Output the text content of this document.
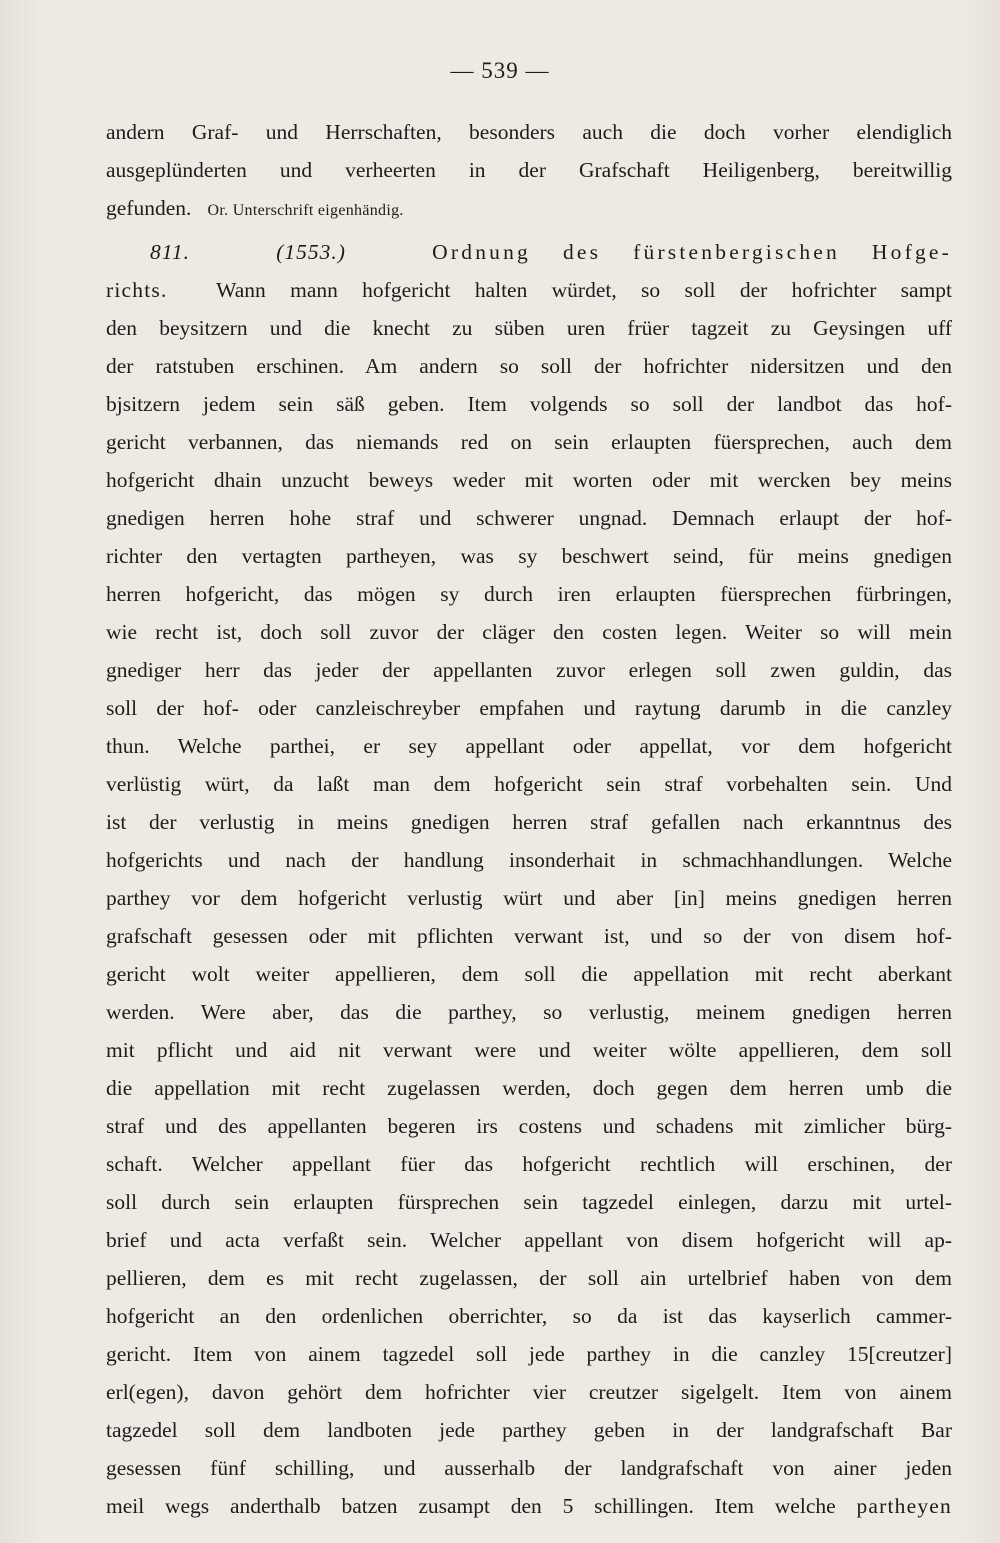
— 539 —
andern Graf- und Herrschaften, besonders auch die doch vorher elendiglich
ausgeplünderten und verheerten in der Grafschaft Heiligenberg, bereitwillig
gefunden. Or. Unterschrift eigenhändig.
811.	(1553.)	Ordnung des fürstenbergischen Hofge-
richts. Wann mann hofgericht halten würdet, so soll der hofrichter sampt
den beysitzern und die knecht zu süben uren früer tagzeit zu Geysingen uff
der ratstuben erschinen. Am andern so soll der hofrichter nidersitzen und den
bjsitzern jedem sein säß geben. Item volgends so soll der landbot das hof-
gericht verbannen, das niemands red on sein erlaupten füersprechen, auch dem
hofgericht dhain unzucht beweys weder mit worten oder mit wercken bey meins
gnedigen herren hohe straf und schwerer ungnad. Demnach erlaupt der hof-
richter den vertagten partheyen, was sy beschwert seind, für meins gnedigen
herren hofgericht, das mögen sy durch iren erlaupten füersprechen fürbringen,
wie recht ist, doch soll zuvor der cläger den costen legen. Weiter so will mein
gnediger herr das jeder der appellanten zuvor erlegen soll zwen guldin, das
soll der hof- oder canzleischreyber empfahen und raytung darumb in die canzley
thun. Welche parthei, er sey appellant oder appellat, vor dem hofgericht
verlüstig würt, da laßt man dem hofgericht sein straf vorbehalten sein. Und
ist der verlustig in meins gnedigen herren straf gefallen nach erkanntnus des
hofgerichts und nach der handlung insonderhait in schmachhandlungen. Welche
parthey vor dem hofgericht verlustig würt und aber [in] meins gnedigen herren
grafschaft gesessen oder mit pflichten verwant ist, und so der von disem hof-
gericht wolt weiter appellieren, dem soll die appellation mit recht aberkant
werden. Were aber, das die parthey, so verlustig, meinem gnedigen herren
mit pflicht und aid nit verwant were und weiter wölte appellieren, dem soll
die appellation mit recht zugelassen werden, doch gegen dem herren umb die
straf und des appellanten begeren irs costens und schadens mit zimlicher bürg-
schaft. Welcher appellant füer das hofgericht rechtlich will erschinen, der
soll durch sein erlaupten fürsprechen sein tagzedel einlegen, darzu mit urtel-
brief und acta verfaßt sein. Welcher appellant von disem hofgericht will ap-
pellieren, dem es mit recht zugelassen, der soll ain urtelbrief haben von dem
hofgericht an den ordenlichen oberrichter, so da ist das kayserlich cammer-
gericht. Item von ainem tagzedel soll jede parthey in die canzley 15[creutzer]
erl(egen), davon gehört dem hofrichter vier creutzer sigelgelt. Item von ainem
tagzedel soll dem landboten jede parthey geben in der landgrafschaft Bar
gesessen fünf schilling, und ausserhalb der landgrafschaft von ainer jeden
meil wegs anderthalb batzen zusampt den 5 schillingen. Item welche partheyen
